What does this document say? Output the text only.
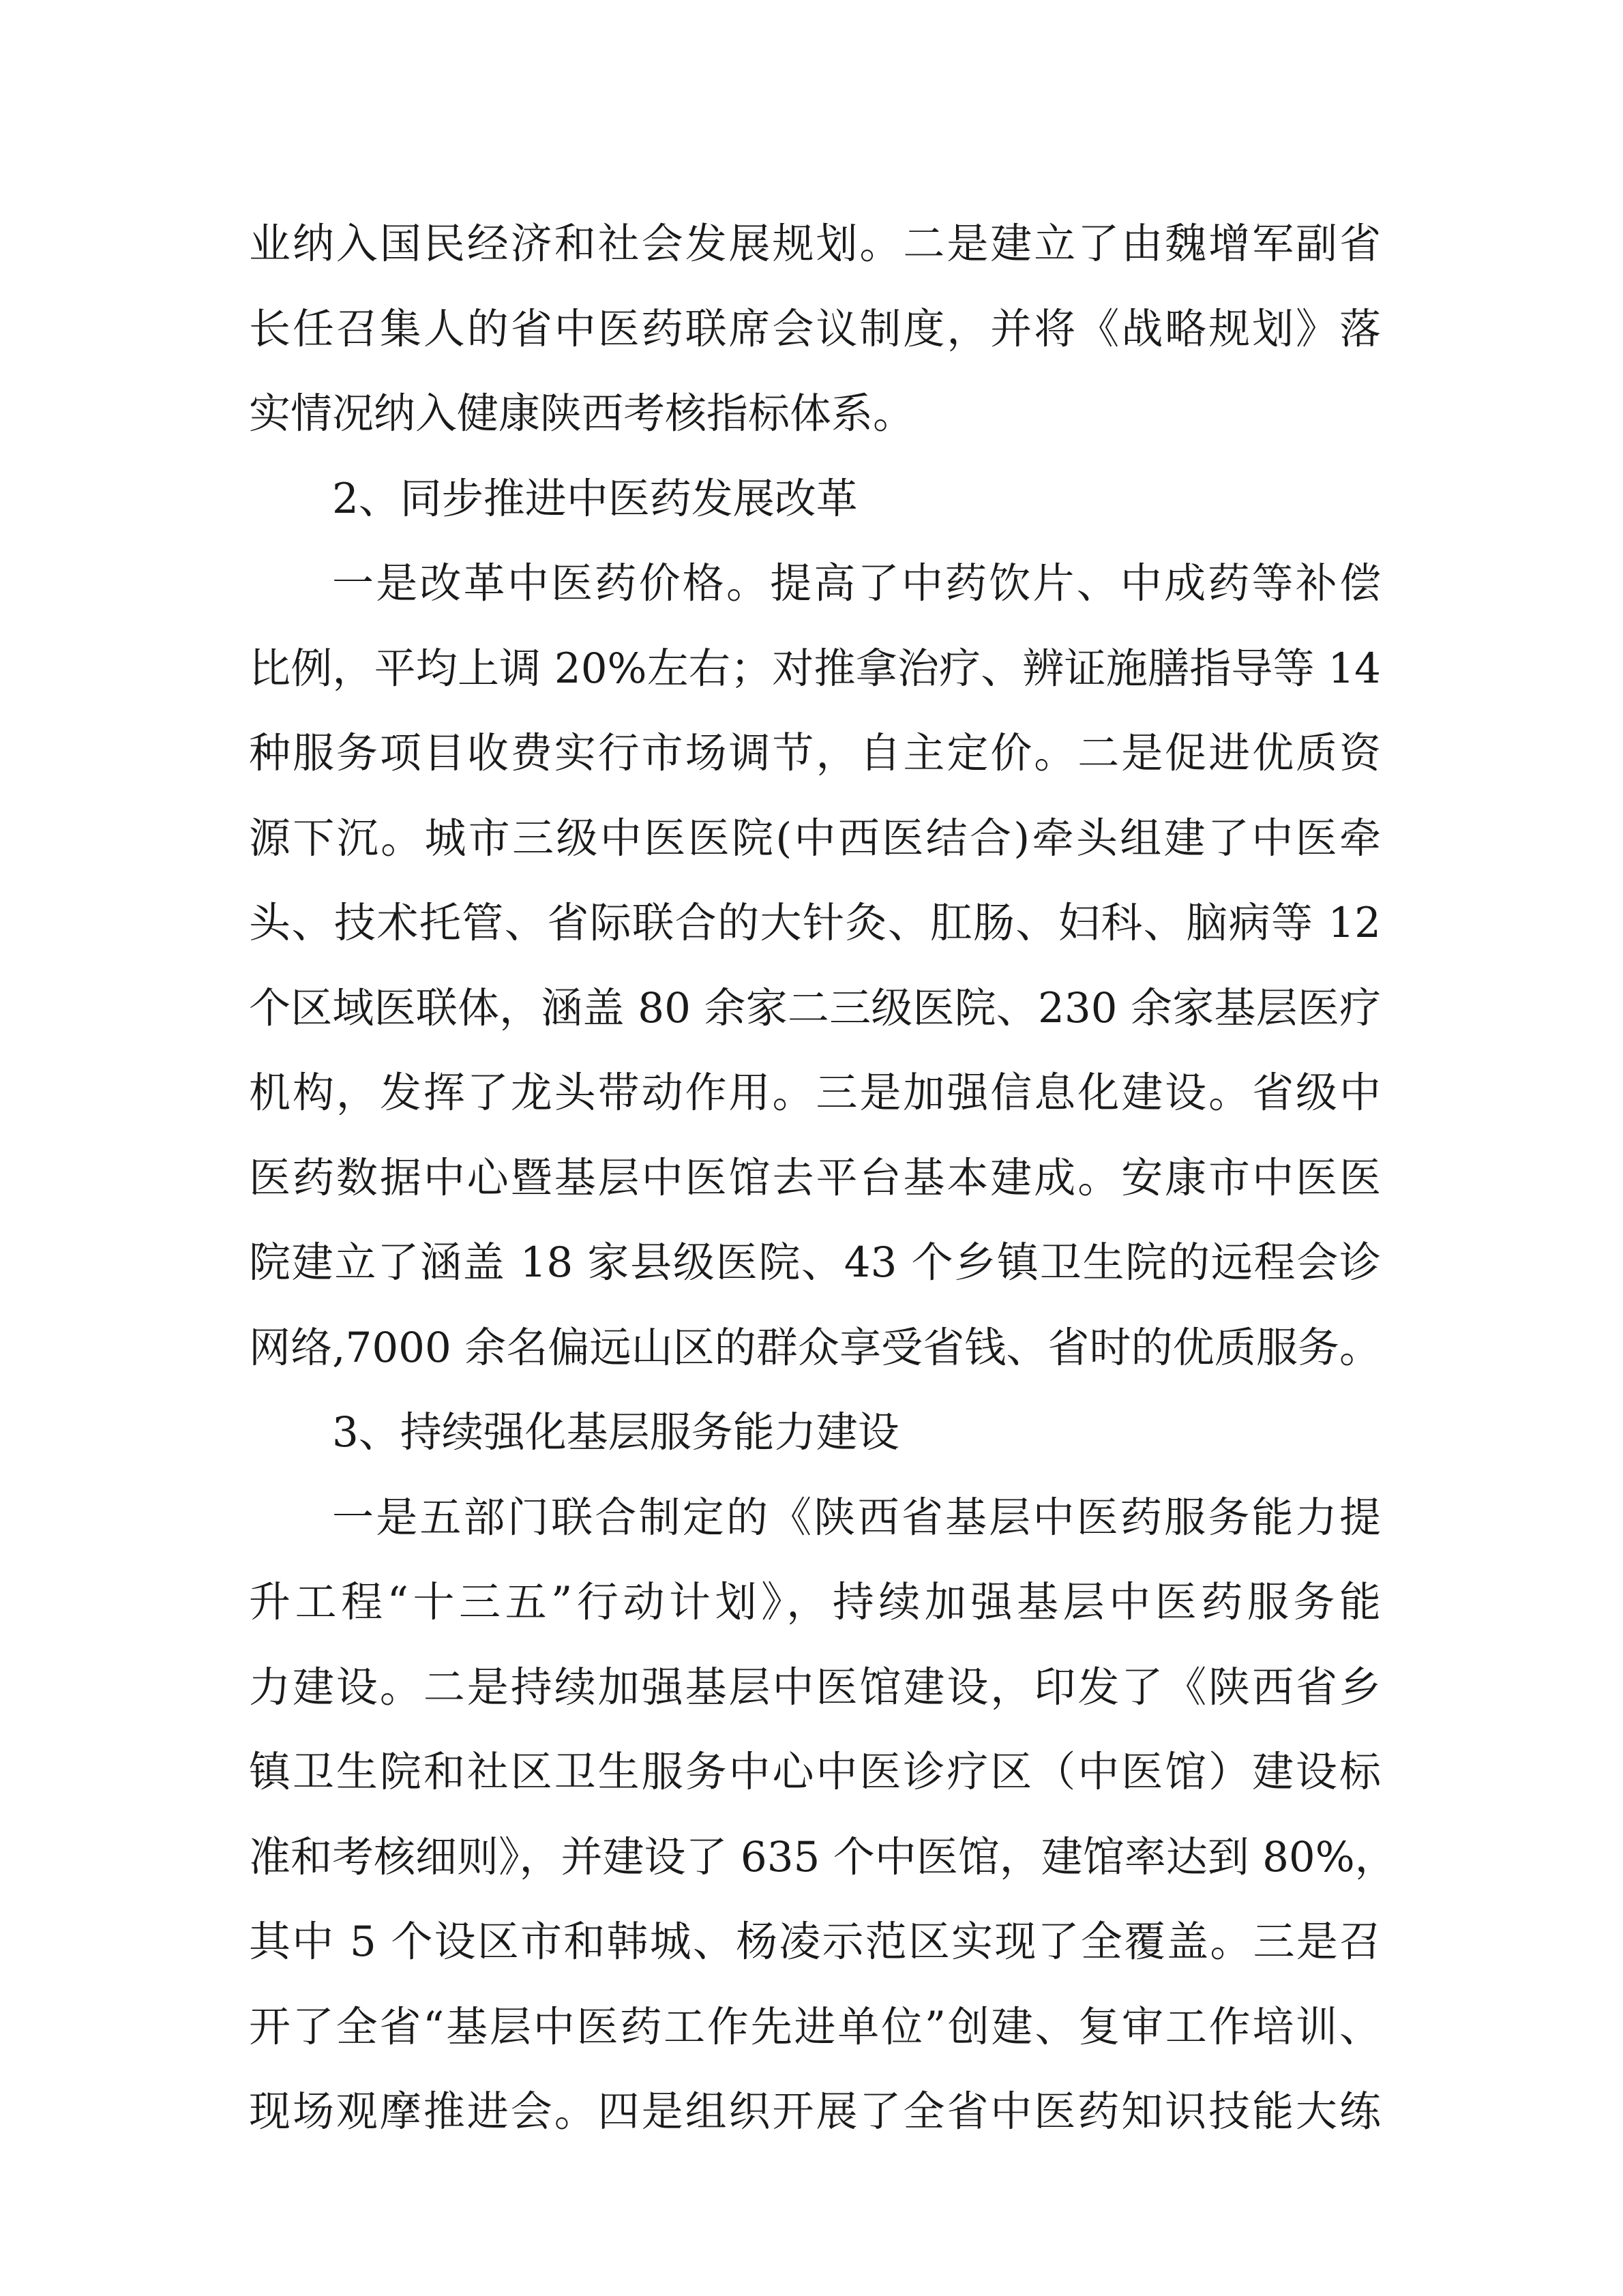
业纳入国民经济和社会发展规划。二是建立了由魏增军副省
长任召集人的省中医药联席会议制度，并将《战略规划》落
实情况纳入健康陕西考核指标体系。
2、同步推进中医药发展改革
一是改革中医药价格。提高了中药饮片、中成药等补偿
比例，平均上调 20%左右；对推拿治疗、辨证施膳指导等 14
种服务项目收费实行市场调节，自主定价。二是促进优质资
源下沉。城市三级中医医院(中西医结合)牵头组建了中医牵
头、技术托管、省际联合的大针灸、肛肠、妇科、脑病等 12
个区域医联体，涵盖 80 余家二三级医院、230 余家基层医疗
机构，发挥了龙头带动作用。三是加强信息化建设。省级中
医药数据中心暨基层中医馆去平台基本建成。安康市中医医
院建立了涵盖 18 家县级医院、43 个乡镇卫生院的远程会诊
网络,7000 余名偏远山区的群众享受省钱、省时的优质服务。
3、持续强化基层服务能力建设
一是五部门联合制定的《陕西省基层中医药服务能力提
升工程“十三五”行动计划》，持续加强基层中医药服务能
力建设。二是持续加强基层中医馆建设，印发了《陕西省乡
镇卫生院和社区卫生服务中心中医诊疗区（中医馆）建设标
准和考核细则》，并建设了 635 个中医馆，建馆率达到 80%，
其中 5 个设区市和韩城、杨凌示范区实现了全覆盖。三是召
开了全省“基层中医药工作先进单位”创建、复审工作培训、
现场观摩推进会。四是组织开展了全省中医药知识技能大练
